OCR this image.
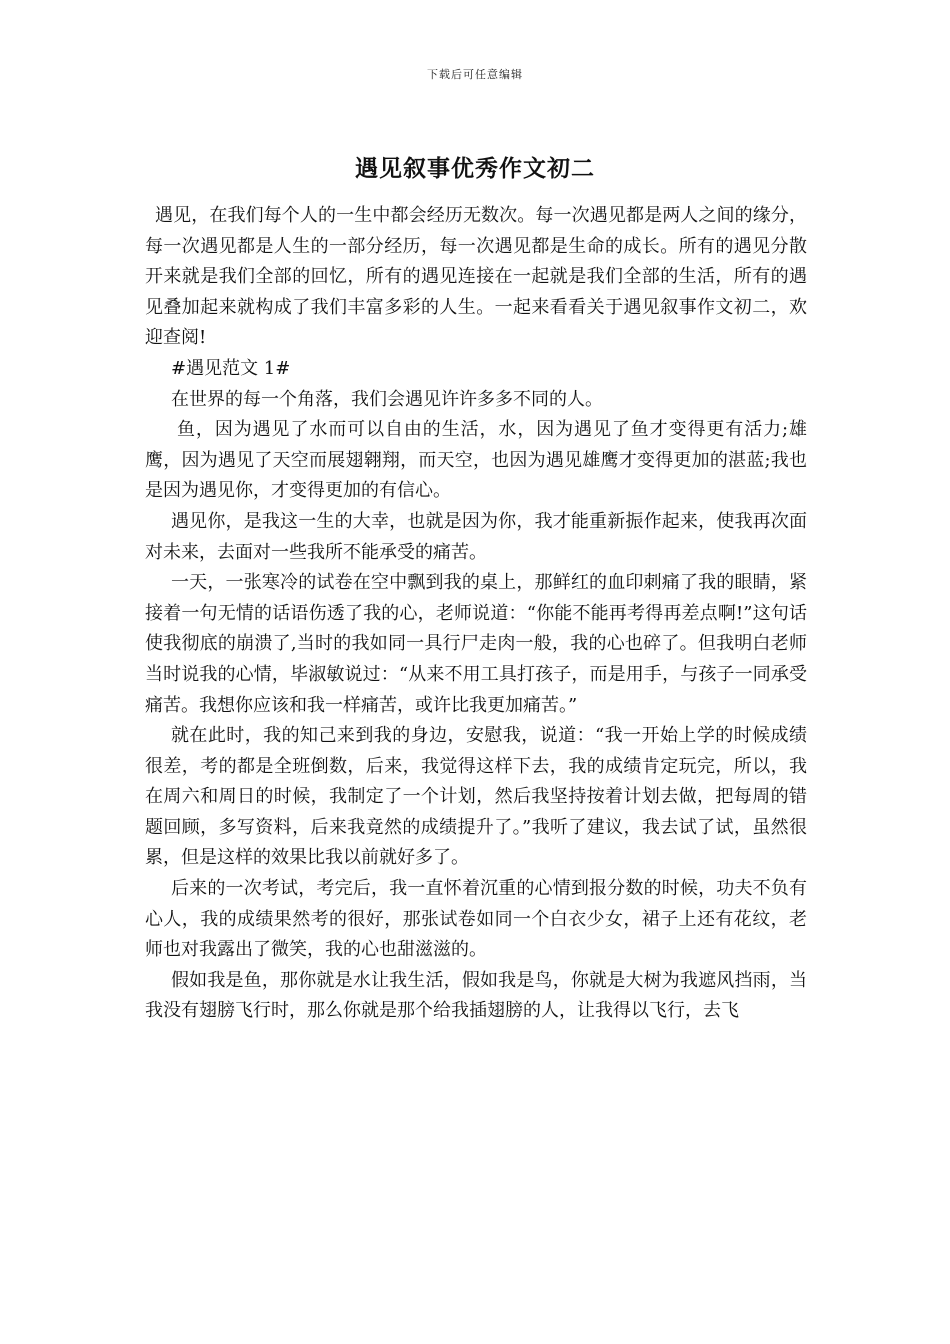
下载后可任意编辑
遇见叙事优秀作文初二

遇见，在我们每个人的一生中都会经历无数次。每一次遇见都是两人之间的缘分，每一次遇见都是人生的一部分经历，每一次遇见都是生命的成长。所有的遇见分散开来就是我们全部的回忆，所有的遇见连接在一起就是我们全部的生活，所有的遇见叠加起来就构成了我们丰富多彩的人生。一起来看看关于遇见叙事作文初二，欢迎查阅!

#遇见范文 1#

在世界的每一个角落，我们会遇见许许多多不同的人。

鱼，因为遇见了水而可以自由的生活，水，因为遇见了鱼才变得更有活力;雄鹰，因为遇见了天空而展翅翱翔，而天空，也因为遇见雄鹰才变得更加的湛蓝;我也是因为遇见你，才变得更加的有信心。

遇见你，是我这一生的大幸，也就是因为你，我才能重新振作起来，使我再次面对未来，去面对一些我所不能承受的痛苦。

一天，一张寒冷的试卷在空中飘到我的桌上，那鲜红的血印刺痛了我的眼睛，紧接着一句无情的话语伤透了我的心，老师说道：“你能不能再考得再差点啊!”这句话使我彻底的崩溃了,当时的我如同一具行尸走肉一般，我的心也碎了。但我明白老师当时说我的心情，毕淑敏说过：“从来不用工具打孩子，而是用手，与孩子一同承受痛苦。我想你应该和我一样痛苦，或许比我更加痛苦。”

就在此时，我的知己来到我的身边，安慰我，说道：“我一开始上学的时候成绩很差，考的都是全班倒数，后来，我觉得这样下去，我的成绩肯定玩完，所以，我在周六和周日的时候，我制定了一个计划，然后我坚持按着计划去做，把每周的错题回顾，多写资料，后来我竟然的成绩提升了。”我听了建议，我去试了试，虽然很累，但是这样的效果比我以前就好多了。

后来的一次考试，考完后，我一直怀着沉重的心情到报分数的时候，功夫不负有心人，我的成绩果然考的很好，那张试卷如同一个白衣少女，裙子上还有花纹，老师也对我露出了微笑，我的心也甜滋滋的。

假如我是鱼，那你就是水让我生活，假如我是鸟，你就是大树为我遮风挡雨，当我没有翅膀飞行时，那么你就是那个给我插翅膀的人，让我得以飞行，去飞
